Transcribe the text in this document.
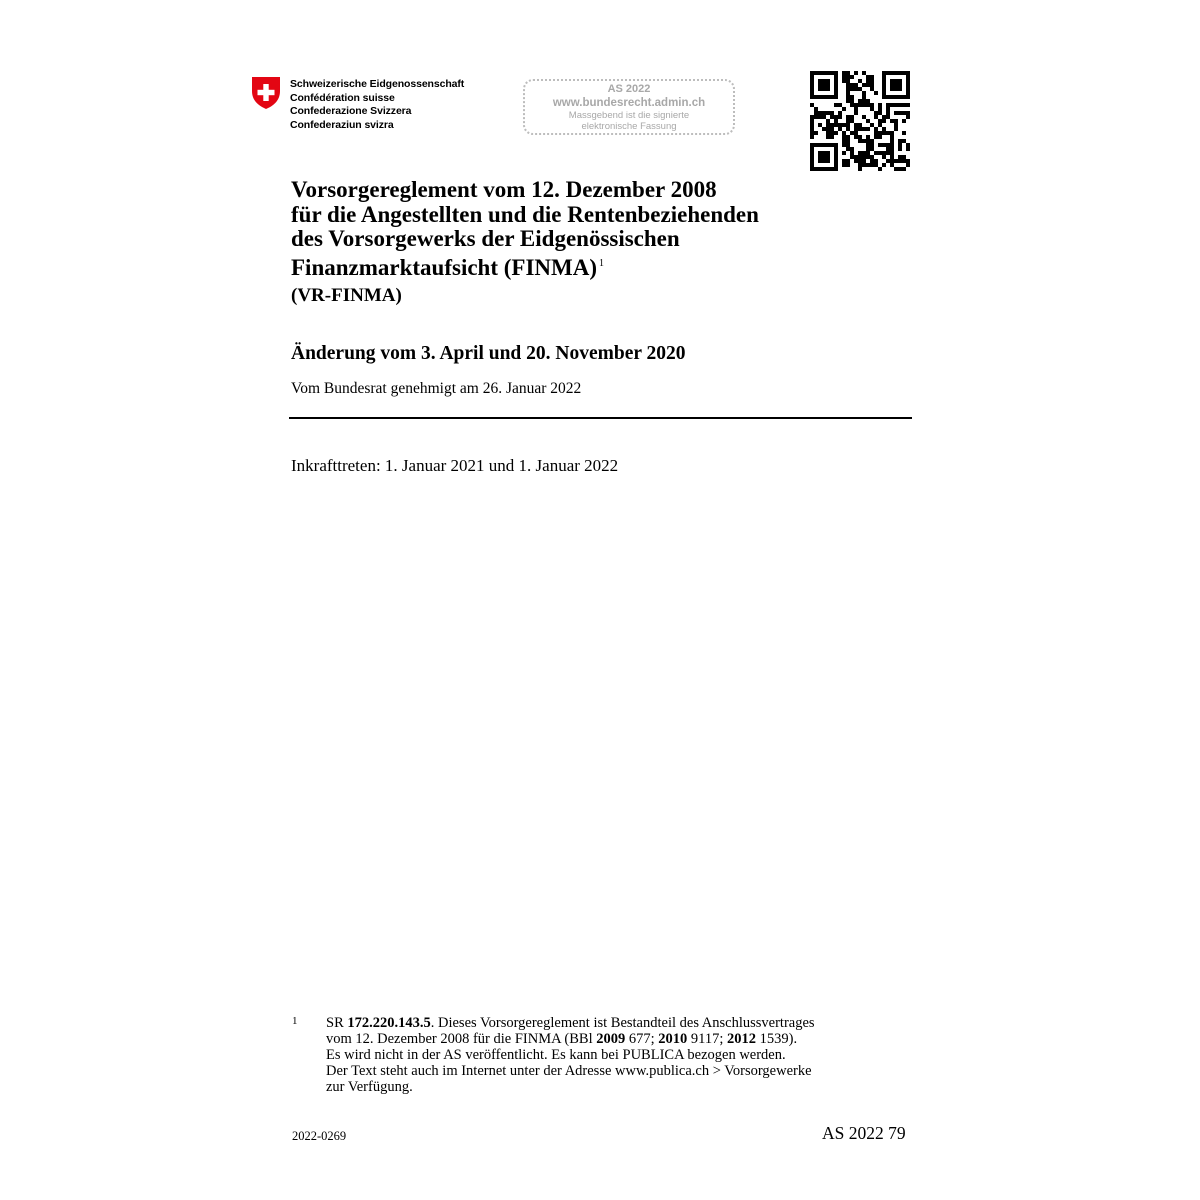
Schweizerische Eidgenossenschaft
Confédération suisse
Confederazione Svizzera
Confederaziun svizra
AS 2022
www.bundesrecht.admin.ch
Massgebend ist die signierte
elektronische Fassung
Vorsorgereglement vom 12. Dezember 2008
für die Angestellten und die Rentenbeziehenden
des Vorsorgewerks der Eidgenössischen
Finanzmarktaufsicht (FINMA) $^1$
(VR-FINMA)
Änderung vom 3. April und 20. November 2020
Vom Bundesrat genehmigt am 26. Januar 2022
Inkrafttreten: 1. Januar 2021 und 1. Januar 2022
1 SR 172.220.143.5. Dieses Vorsorgereglement ist Bestandteil des Anschlussvertrages
vom 12. Dezember 2008 für die FINMA (BBl 2009 677; 2010 9117; 2012 1539).
Es wird nicht in der AS veröffentlicht. Es kann bei PUBLICA bezogen werden.
Der Text steht auch im Internet unter der Adresse www.publica.ch > Vorsorgewerke
zur Verfügung.
2022-0269	AS 2022 79
